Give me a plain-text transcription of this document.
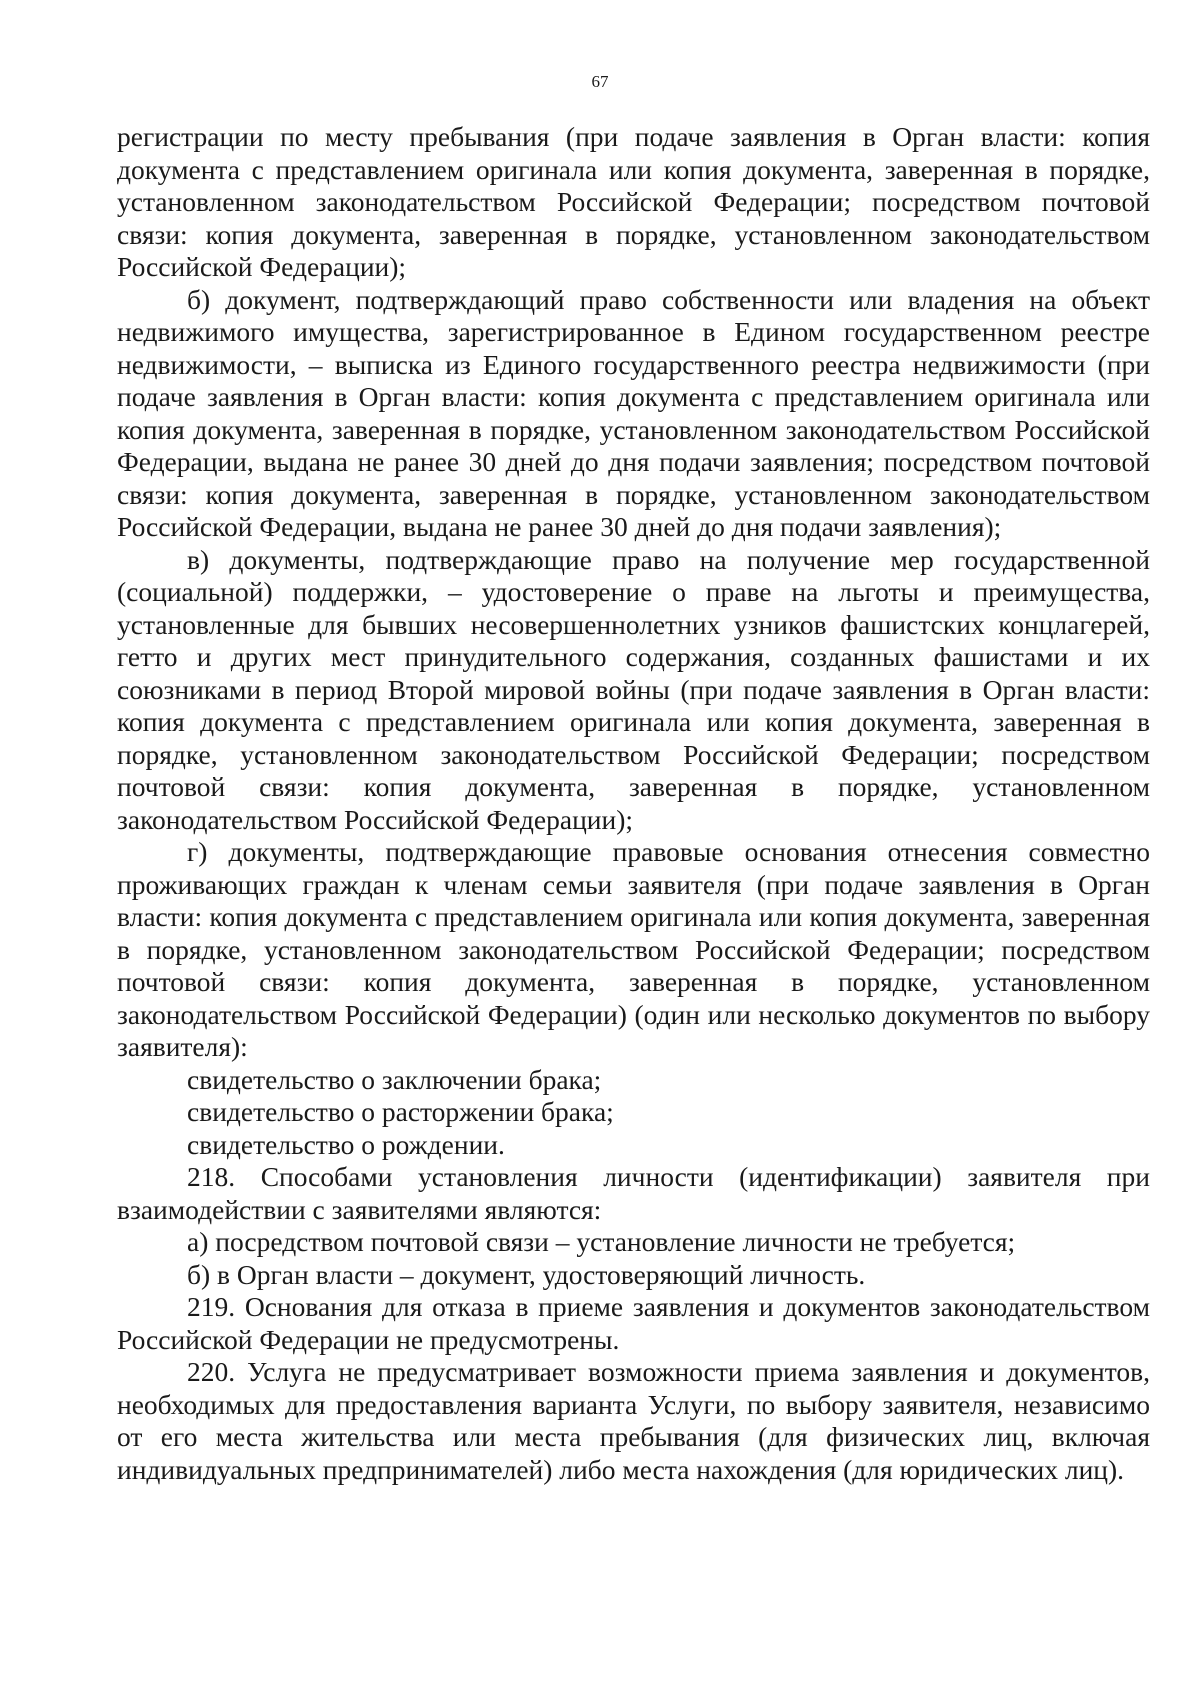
67

регистрации по месту пребывания (при подаче заявления в Орган власти: копия документа с представлением оригинала или копия документа, заверенная в порядке, установленном законодательством Российской Федерации; посредством почтовой связи: копия документа, заверенная в порядке, установленном законодательством Российской Федерации);

б) документ, подтверждающий право собственности или владения на объект недвижимого имущества, зарегистрированное в Едином государственном реестре недвижимости, – выписка из Единого государственного реестра недвижимости (при подаче заявления в Орган власти: копия документа с представлением оригинала или копия документа, заверенная в порядке, установленном законодательством Российской Федерации, выдана не ранее 30 дней до дня подачи заявления; посредством почтовой связи: копия документа, заверенная в порядке, установленном законодательством Российской Федерации, выдана не ранее 30 дней до дня подачи заявления);

в) документы, подтверждающие право на получение мер государственной (социальной) поддержки, – удостоверение о праве на льготы и преимущества, установленные для бывших несовершеннолетних узников фашистских концлагерей, гетто и других мест принудительного содержания, созданных фашистами и их союзниками в период Второй мировой войны (при подаче заявления в Орган власти: копия документа с представлением оригинала или копия документа, заверенная в порядке, установленном законодательством Российской Федерации; посредством почтовой связи: копия документа, заверенная в порядке, установленном законодательством Российской Федерации);

г) документы, подтверждающие правовые основания отнесения совместно проживающих граждан к членам семьи заявителя (при подаче заявления в Орган власти: копия документа с представлением оригинала или копия документа, заверенная в порядке, установленном законодательством Российской Федерации; посредством почтовой связи: копия документа, заверенная в порядке, установленном законодательством Российской Федерации) (один или несколько документов по выбору заявителя):

свидетельство о заключении брака;

свидетельство о расторжении брака;

свидетельство о рождении.

218. Способами установления личности (идентификации) заявителя при взаимодействии с заявителями являются:

а) посредством почтовой связи – установление личности не требуется;

б) в Орган власти – документ, удостоверяющий личность.

219. Основания для отказа в приеме заявления и документов законодательством Российской Федерации не предусмотрены.

220. Услуга не предусматривает возможности приема заявления и документов, необходимых для предоставления варианта Услуги, по выбору заявителя, независимо от его места жительства или места пребывания (для физических лиц, включая индивидуальных предпринимателей) либо места нахождения (для юридических лиц).
